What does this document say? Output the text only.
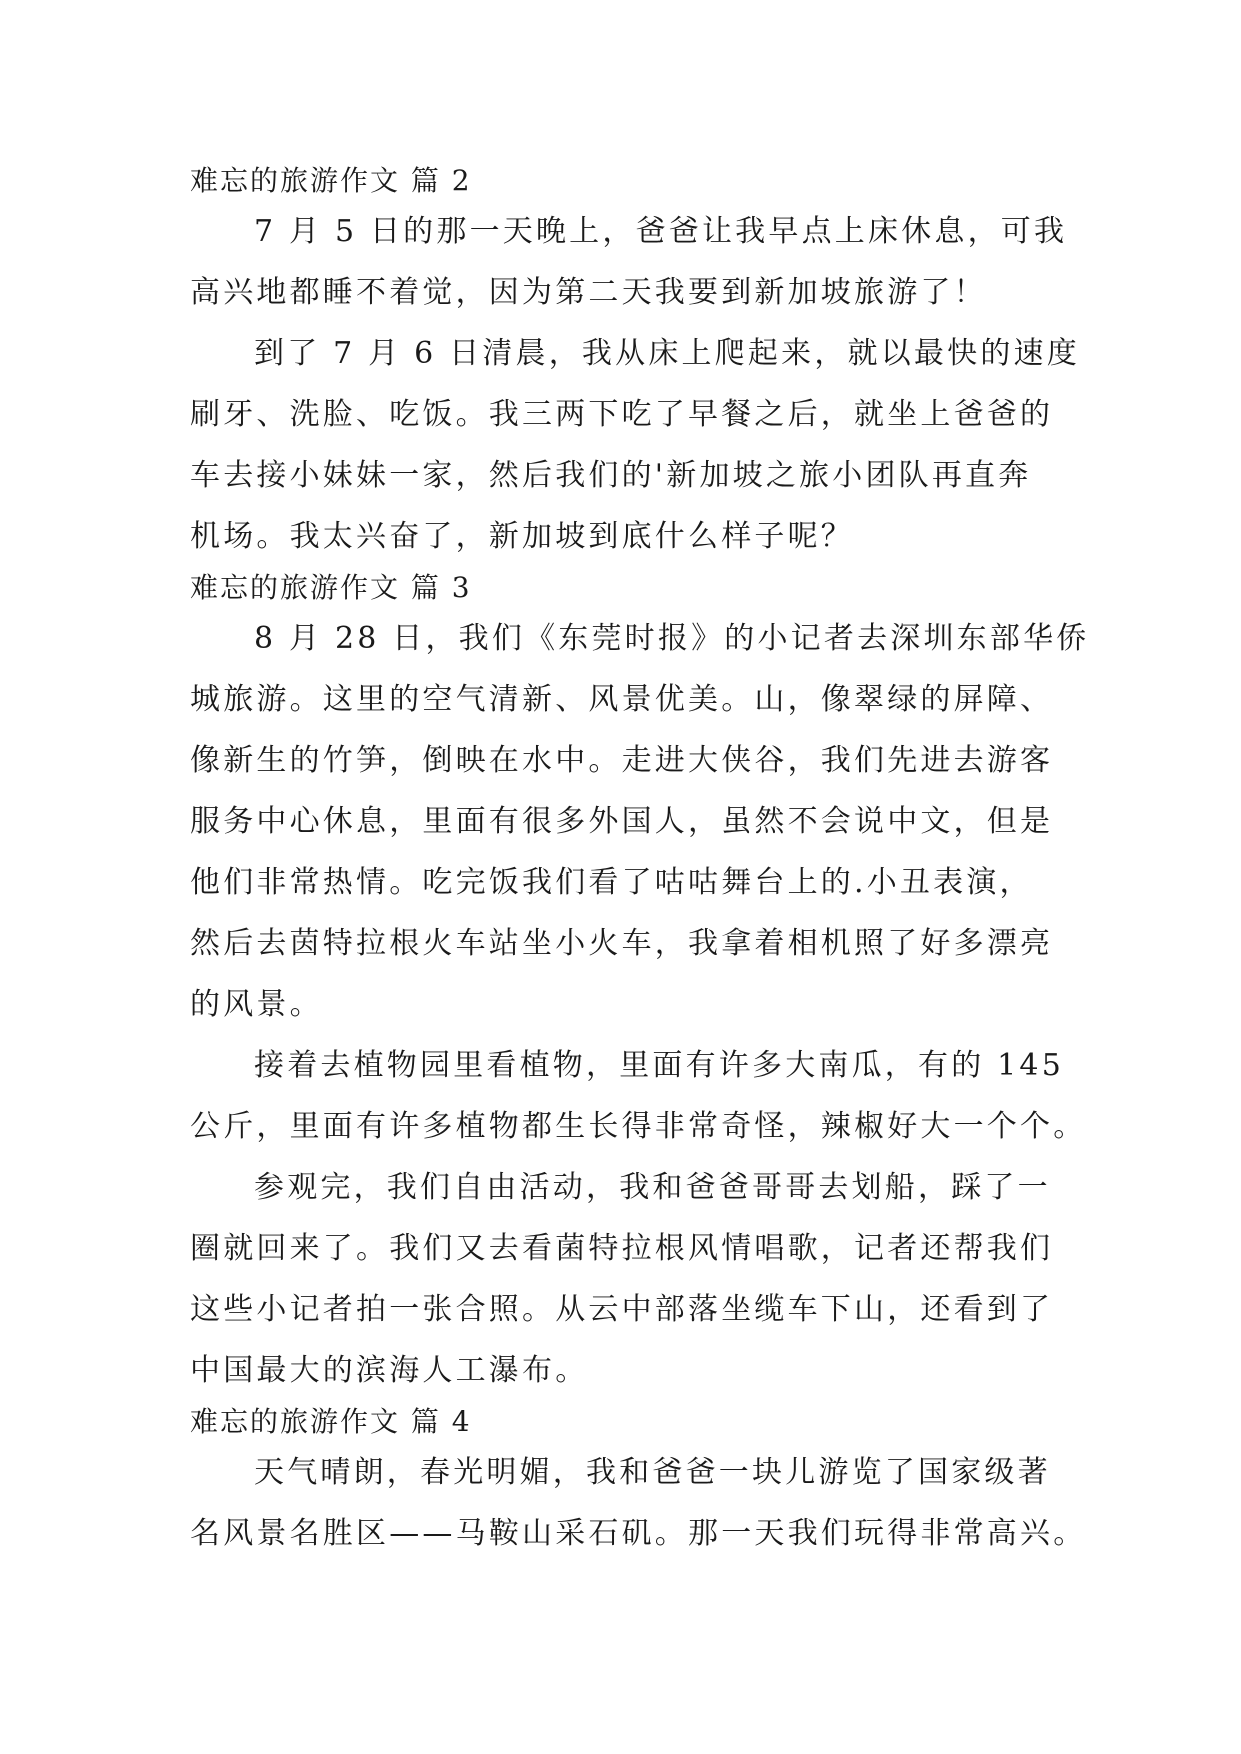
难忘的旅游作文 篇 2

7 月 5 日的那一天晚上，爸爸让我早点上床休息，可我
高兴地都睡不着觉，因为第二天我要到新加坡旅游了！

到了 7 月 6 日清晨，我从床上爬起来，就以最快的速度
刷牙、洗脸、吃饭。我三两下吃了早餐之后，就坐上爸爸的
车去接小妹妹一家，然后我们的'新加坡之旅小团队再直奔
机场。我太兴奋了，新加坡到底什么样子呢？

难忘的旅游作文 篇 3

8 月 28 日，我们《东莞时报》的小记者去深圳东部华侨
城旅游。这里的空气清新、风景优美。山，像翠绿的屏障、
像新生的竹笋，倒映在水中。走进大侠谷，我们先进去游客
服务中心休息，里面有很多外国人，虽然不会说中文，但是
他们非常热情。吃完饭我们看了咕咕舞台上的.小丑表演，
然后去茵特拉根火车站坐小火车，我拿着相机照了好多漂亮
的风景。

接着去植物园里看植物，里面有许多大南瓜，有的 145
公斤，里面有许多植物都生长得非常奇怪，辣椒好大一个个。

参观完，我们自由活动，我和爸爸哥哥去划船，踩了一
圈就回来了。我们又去看菌特拉根风情唱歌，记者还帮我们
这些小记者拍一张合照。从云中部落坐缆车下山，还看到了
中国最大的滨海人工瀑布。

难忘的旅游作文 篇 4

天气晴朗，春光明媚，我和爸爸一块儿游览了国家级著
名风景名胜区——马鞍山采石矶。那一天我们玩得非常高兴。
